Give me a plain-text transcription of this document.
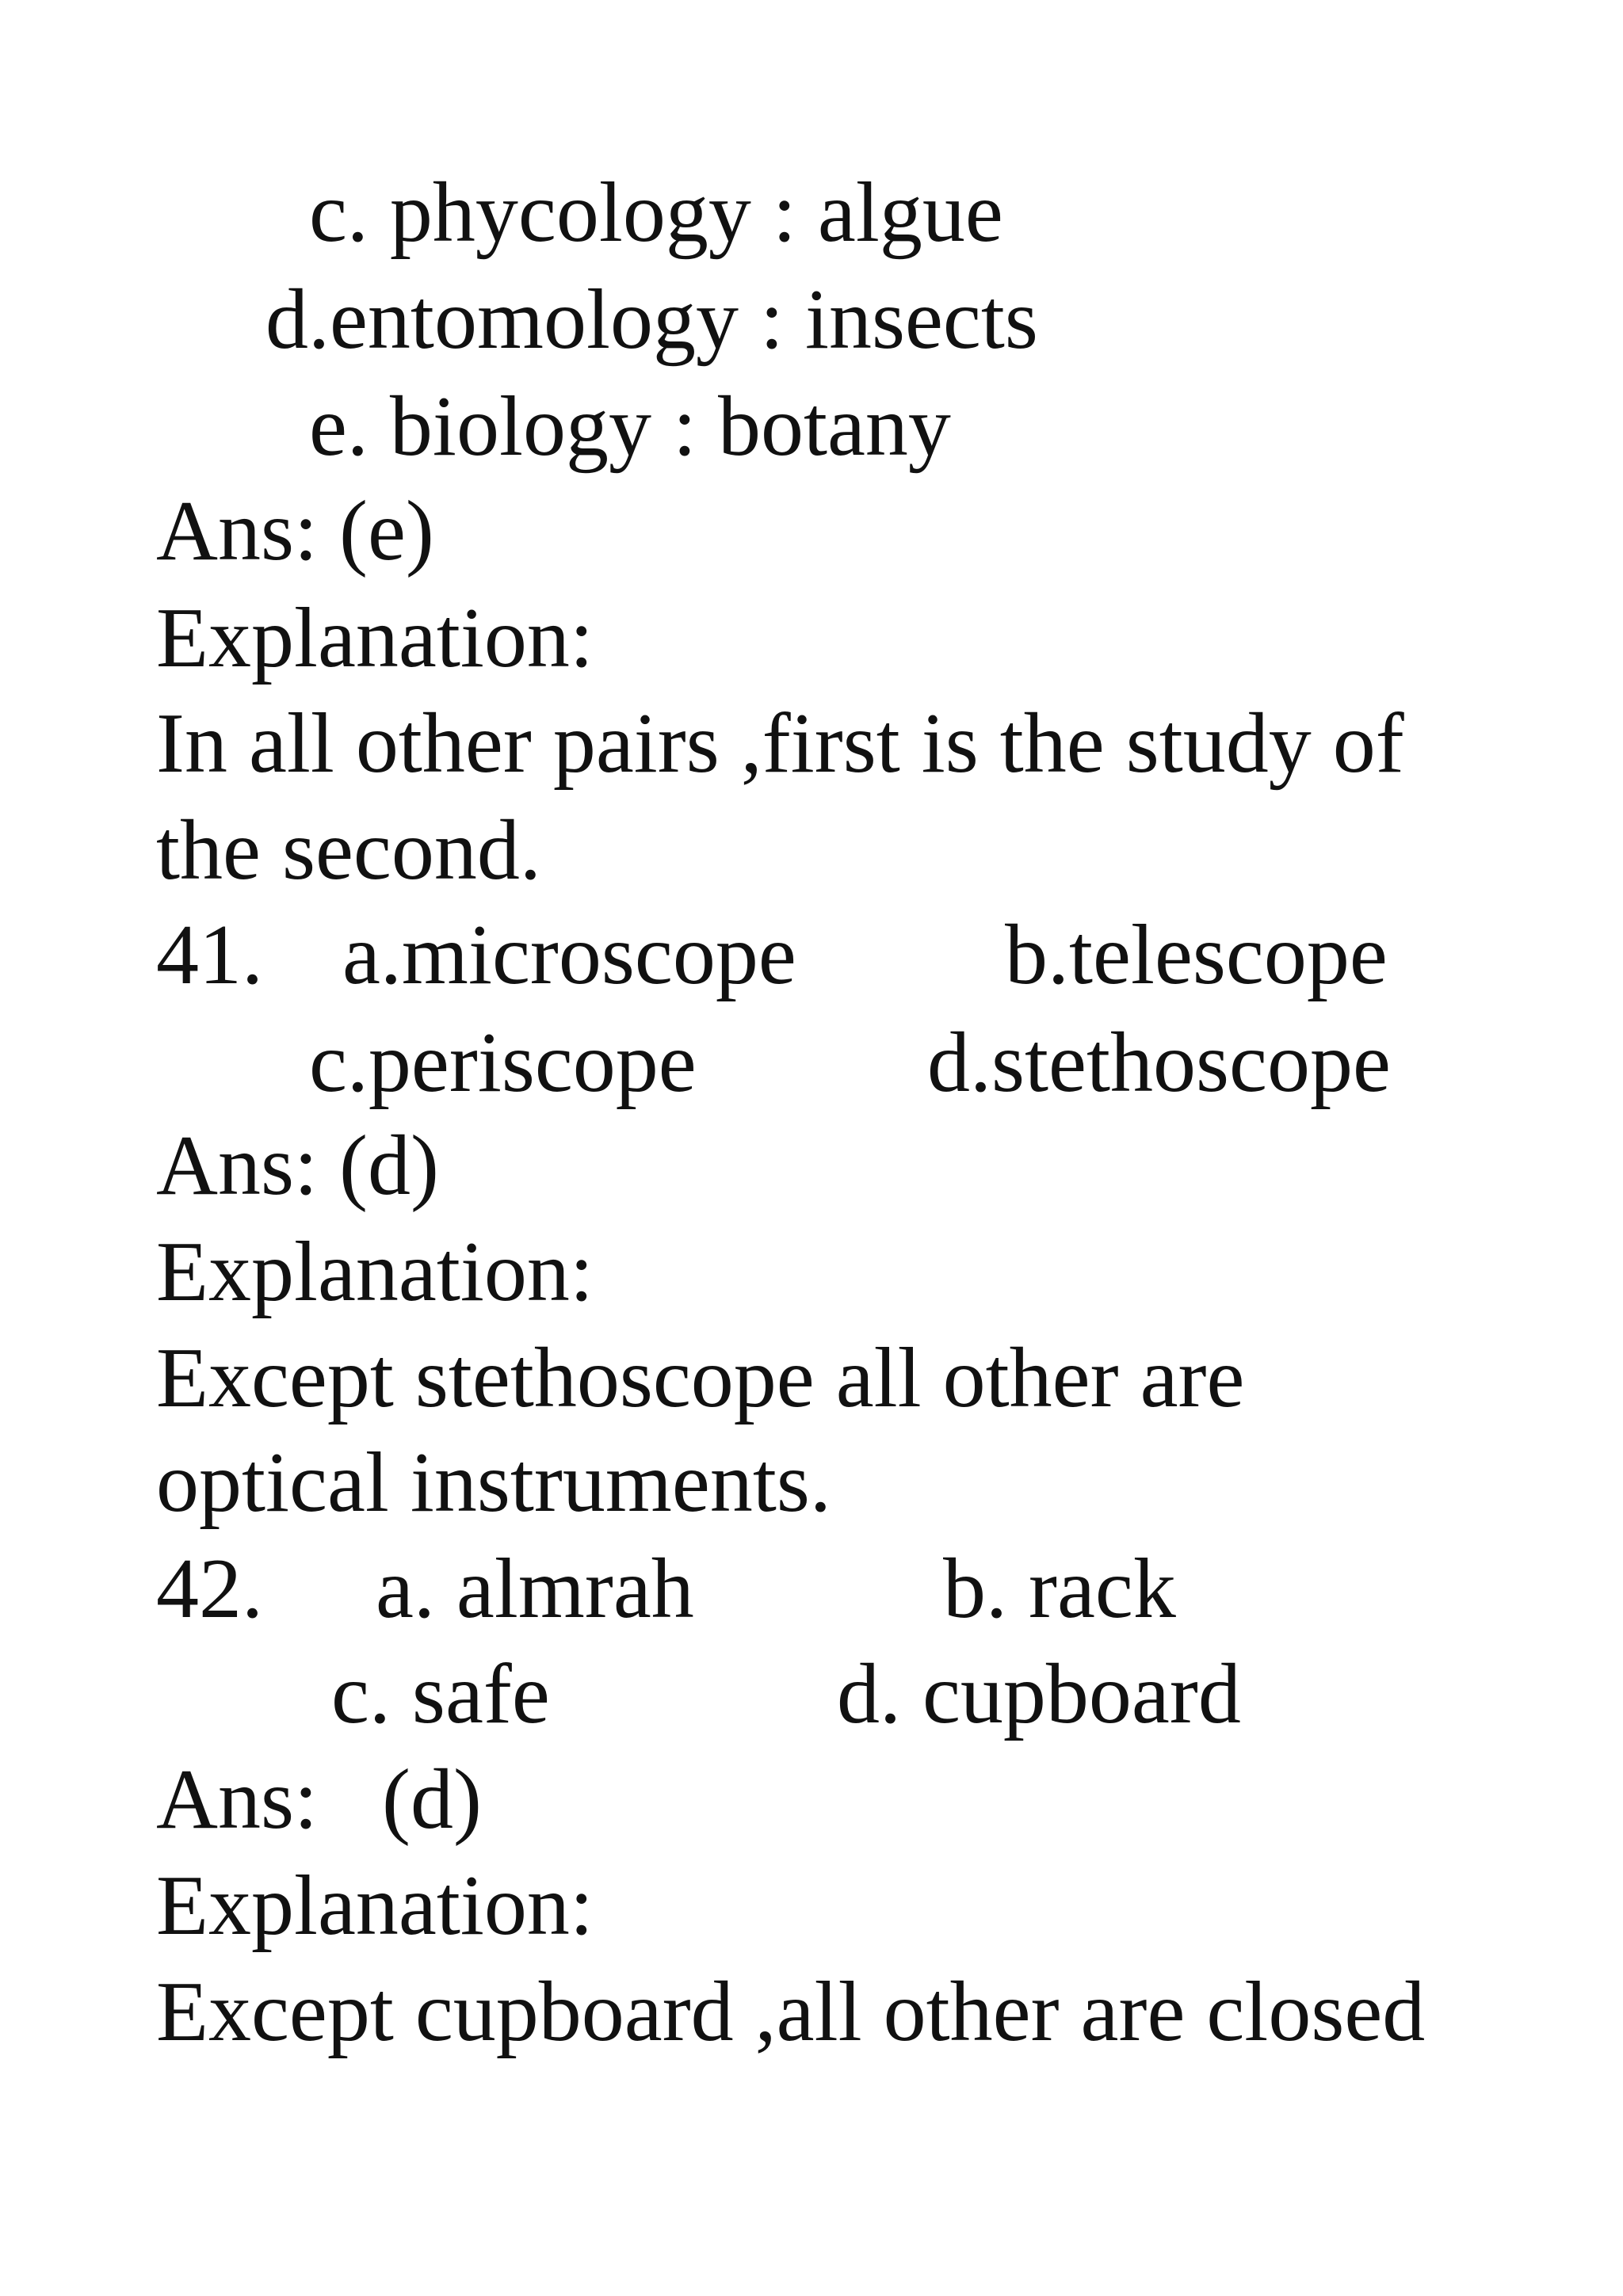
c. phycology : algue
d.entomology : insects
e. biology : botany
Ans: (e)
Explanation:
In all other pairs ,first is the study of
the second.
41. a.microscope b.telescope
c.periscope	d.stethoscope
Ans: (d)
Explanation:
Except stethoscope all other are
optical instruments.
42. a. almrah	b. rack
c. safe	d. cupboard
Ans:   (d)
Explanation:
Except cupboard ,all other are closed
